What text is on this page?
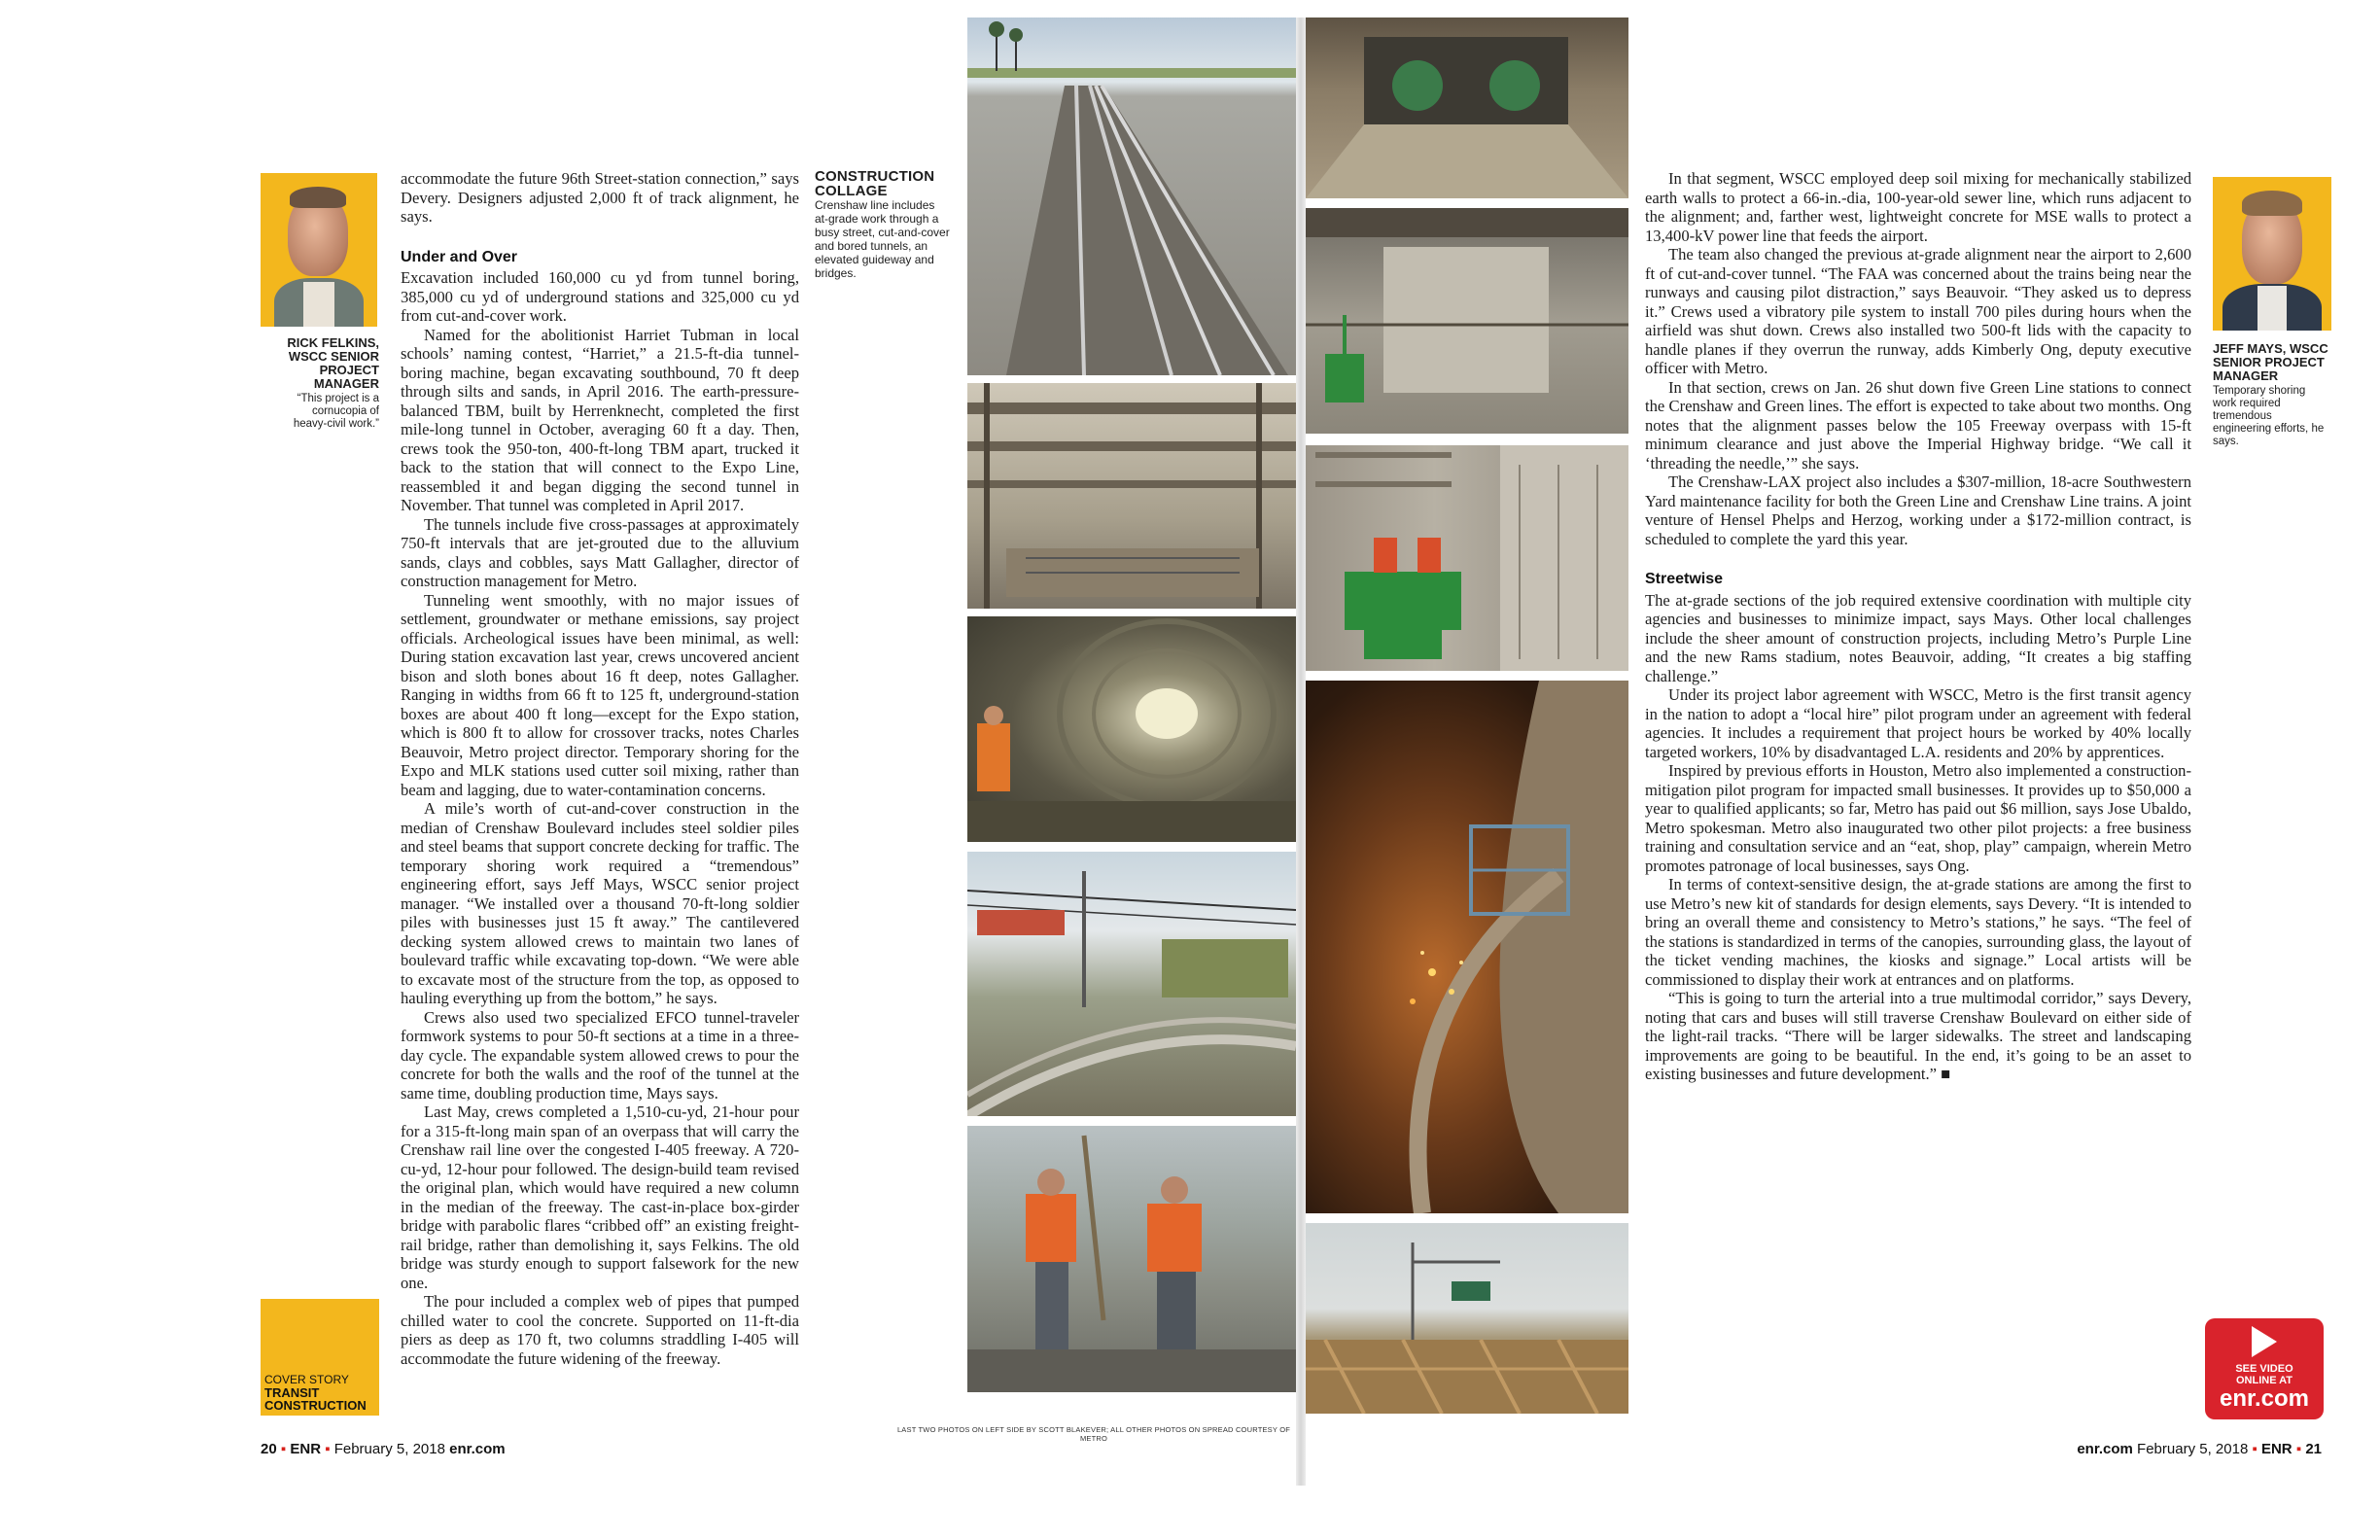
RICK FELKINS,
WSCC SENIOR
PROJECT
MANAGER
“This project is a cornucopia of heavy-civil work.”

accommodate the future 96th Street-station connection,” says Devery. Designers adjusted 2,000 ft of track alignment, he says.

Under and Over

Excavation included 160,000 cu yd from tunnel boring, 385,000 cu yd of underground stations and 325,000 cu yd from cut-and-cover work.

Named for the abolitionist Harriet Tubman in local schools’ naming contest, “Harriet,” a 21.5-ft-dia tunnel-boring machine, began excavating southbound, 70 ft deep through silts and sands, in April 2016. The earth-pressure-balanced TBM, built by Herrenknecht, completed the first mile-long tunnel in October, averaging 60 ft a day. Then, crews took the 950-ton, 400-ft-long TBM apart, trucked it back to the station that will connect to the Expo Line, reassembled it and began digging the second tunnel in November. That tunnel was completed in April 2017.

The tunnels include five cross-passages at approximately 750-ft intervals that are jet-grouted due to the alluvium sands, clays and cobbles, says Matt Gallagher, director of construction management for Metro.

Tunneling went smoothly, with no major issues of settlement, groundwater or methane emissions, say project officials. Archeological issues have been minimal, as well: During station excavation last year, crews uncovered ancient bison and sloth bones about 16 ft deep, notes Gallagher. Ranging in widths from 66 ft to 125 ft, underground-station boxes are about 400 ft long—except for the Expo station, which is 800 ft to allow for crossover tracks, notes Charles Beauvoir, Metro project director. Temporary shoring for the Expo and MLK stations used cutter soil mixing, rather than beam and lagging, due to water-contamination concerns.

A mile’s worth of cut-and-cover construction in the median of Crenshaw Boulevard includes steel soldier piles and steel beams that support concrete decking for traffic. The temporary shoring work required a “tremendous” engineering effort, says Jeff Mays, WSCC senior project manager. “We installed over a thousand 70-ft-long soldier piles with businesses just 15 ft away.” The cantilevered decking system allowed crews to maintain two lanes of boulevard traffic while excavating top-down. “We were able to excavate most of the structure from the top, as opposed to hauling everything up from the bottom,” he says.

Crews also used two specialized EFCO tunnel-traveler formwork systems to pour 50-ft sections at a time in a three-day cycle. The expandable system allowed crews to pour the concrete for both the walls and the roof of the tunnel at the same time, doubling production time, Mays says.

Last May, crews completed a 1,510-cu-yd, 21-hour pour for a 315-ft-long main span of an overpass that will carry the Crenshaw rail line over the congested I-405 freeway. A 720-cu-yd, 12-hour pour followed. The design-build team revised the original plan, which would have required a new column in the median of the freeway. The cast-in-place box-girder bridge with parabolic flares “cribbed off” an existing freight-rail bridge, rather than demolishing it, says Felkins. The old bridge was sturdy enough to support falsework for the new one.

The pour included a complex web of pipes that pumped chilled water to cool the concrete. Supported on 11-ft-dia piers as deep as 170 ft, two columns straddling I-405 will accommodate the future widening of the freeway.

CONSTRUCTION
COLLAGE
Crenshaw line includes at-grade work through a busy street, cut-and-cover and bored tunnels, an elevated guideway and bridges.
COVER STORY
TRANSIT
CONSTRUCTION
20 ▪ ENR ▪ February 5, 2018 enr.com
LAST TWO PHOTOS ON LEFT SIDE BY SCOTT BLAKEVER; ALL OTHER PHOTOS ON SPREAD COURTESY OF METRO

In that segment, WSCC employed deep soil mixing for mechanically stabilized earth walls to protect a 66-in.-dia, 100-year-old sewer line, which runs adjacent to the alignment; and, farther west, lightweight concrete for MSE walls to protect a 13,400-kV power line that feeds the airport.

The team also changed the previous at-grade alignment near the airport to 2,600 ft of cut-and-cover tunnel. “The FAA was concerned about the trains being near the runways and causing pilot distraction,” says Beauvoir. “They asked us to depress it.” Crews used a vibratory pile system to install 700 piles during hours when the airfield was shut down. Crews also installed two 500-ft lids with the capacity to handle planes if they overrun the runway, adds Kimberly Ong, deputy executive officer with Metro.

In that section, crews on Jan. 26 shut down five Green Line stations to connect the Crenshaw and Green lines. The effort is expected to take about two months. Ong notes that the alignment passes below the 105 Freeway overpass with 15-ft minimum clearance and just above the Imperial Highway bridge. “We call it ‘threading the needle,’” she says.

The Crenshaw-LAX project also includes a $307-million, 18-acre Southwestern Yard maintenance facility for both the Green Line and Crenshaw Line trains. A joint venture of Hensel Phelps and Herzog, working under a $172-million contract, is scheduled to complete the yard this year.

Streetwise

The at-grade sections of the job required extensive coordination with multiple city agencies and businesses to minimize impact, says Mays. Other local challenges include the sheer amount of construction projects, including Metro’s Purple Line and the new Rams stadium, notes Beauvoir, adding, “It creates a big staffing challenge.”

Under its project labor agreement with WSCC, Metro is the first transit agency in the nation to adopt a “local hire” pilot program under an agreement with federal agencies. It includes a requirement that project hours be worked by 40% locally targeted workers, 10% by disadvantaged L.A. residents and 20% by apprentices.

Inspired by previous efforts in Houston, Metro also implemented a construction-mitigation pilot program for impacted small businesses. It provides up to $50,000 a year to qualified applicants; so far, Metro has paid out $6 million, says Jose Ubaldo, Metro spokesman. Metro also inaugurated two other pilot projects: a free business training and consultation service and an “eat, shop, play” campaign, wherein Metro promotes patronage of local businesses, says Ong.

In terms of context-sensitive design, the at-grade stations are among the first to use Metro’s new kit of standards for design elements, says Devery. “It is intended to bring an overall theme and consistency to Metro’s stations,” he says. “The feel of the stations is standardized in terms of the canopies, surrounding glass, the layout of the ticket vending machines, the kiosks and signage.” Local artists will be commissioned to display their work at entrances and on platforms.

“This is going to turn the arterial into a true multimodal corridor,” says Devery, noting that cars and buses will still traverse Crenshaw Boulevard on either side of the light-rail tracks. “There will be larger sidewalks. The street and landscaping improvements are going to be beautiful. In the end, it’s going to be an asset to existing businesses and future development.” ■

JEFF MAYS, WSCC
SENIOR PROJECT
MANAGER
Temporary shoring work required tremendous engineering efforts, he says.
SEE VIDEO
ONLINE AT
enr.com
enr.com February 5, 2018 ▪ ENR ▪ 21
